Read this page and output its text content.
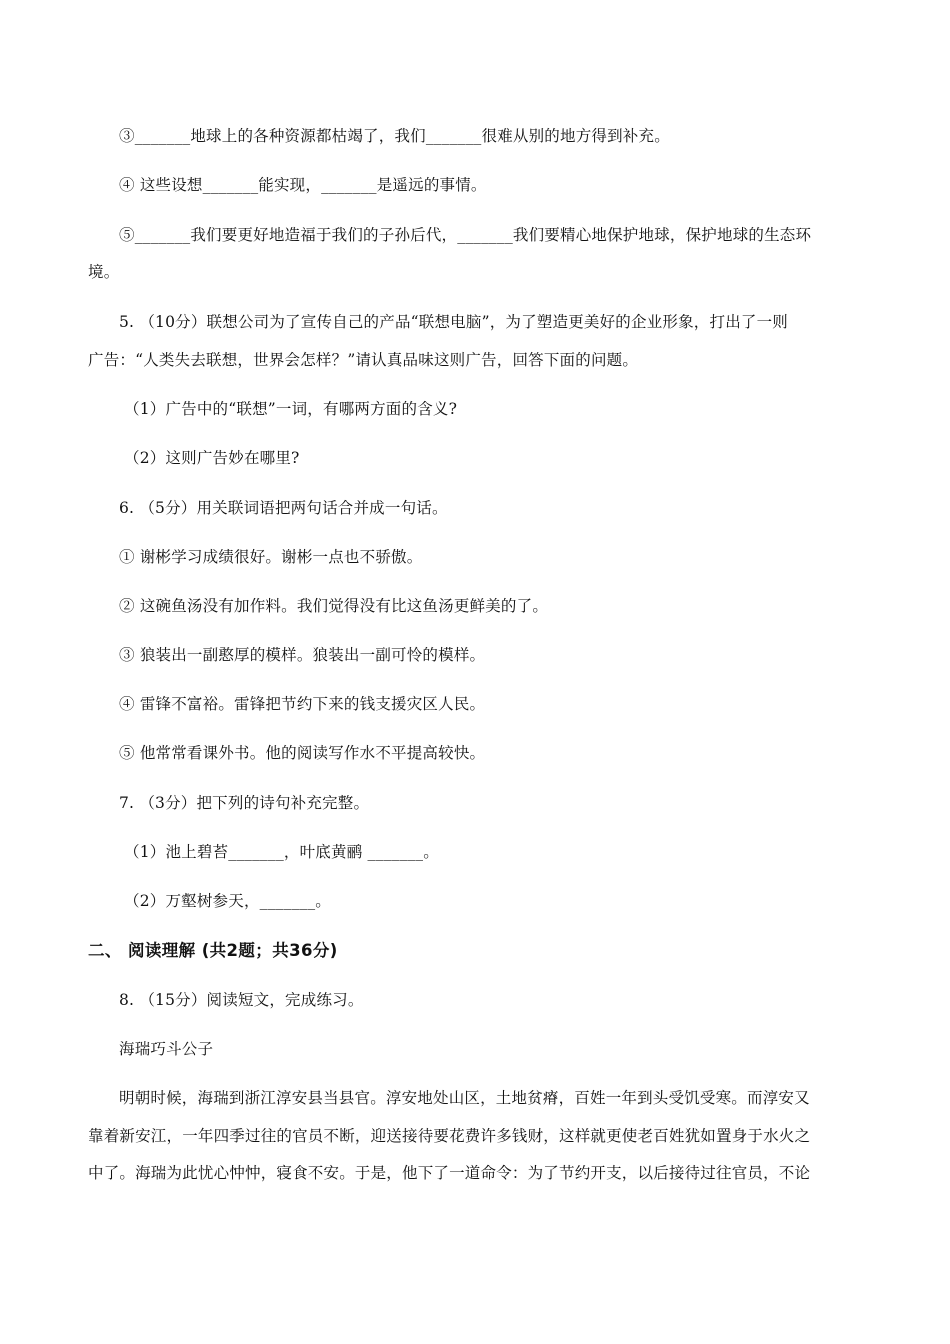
③_______地球上的各种资源都枯竭了，我们_______很难从别的地方得到补充。
④ 这些设想_______能实现，_______是遥远的事情。
⑤_______我们要更好地造福于我们的子孙后代，_______我们要精心地保护地球，保护地球的生态环
境。
5. （10分）联想公司为了宣传自己的产品“联想电脑”，为了塑造更美好的企业形象，打出了一则
广告：“人类失去联想，世界会怎样？”请认真品味这则广告，回答下面的问题。
（1）广告中的“联想”一词，有哪两方面的含义?
（2）这则广告妙在哪里?
6. （5分）用关联词语把两句话合并成一句话。
① 谢彬学习成绩很好。谢彬一点也不骄傲。
② 这碗鱼汤没有加作料。我们觉得没有比这鱼汤更鲜美的了。
③ 狼装出一副憨厚的模样。狼装出一副可怜的模样。
④ 雷锋不富裕。雷锋把节约下来的钱支援灾区人民。
⑤ 他常常看课外书。他的阅读写作水不平提高较快。
7. （3分）把下列的诗句补充完整。
（1）池上碧苔_______，叶底黄鹂 _______。
（2）万壑树参天，_______。
二、 阅读理解 (共2题；共36分)
8. （15分）阅读短文，完成练习。
海瑞巧斗公子
明朝时候，海瑞到浙江淳安县当县官。淳安地处山区，土地贫瘠，百姓一年到头受饥受寒。而淳安又
靠着新安江，一年四季过往的官员不断，迎送接待要花费许多钱财，这样就更使老百姓犹如置身于水火之
中了。海瑞为此忧心忡忡，寝食不安。于是，他下了一道命令：为了节约开支，以后接待过往官员，不论
